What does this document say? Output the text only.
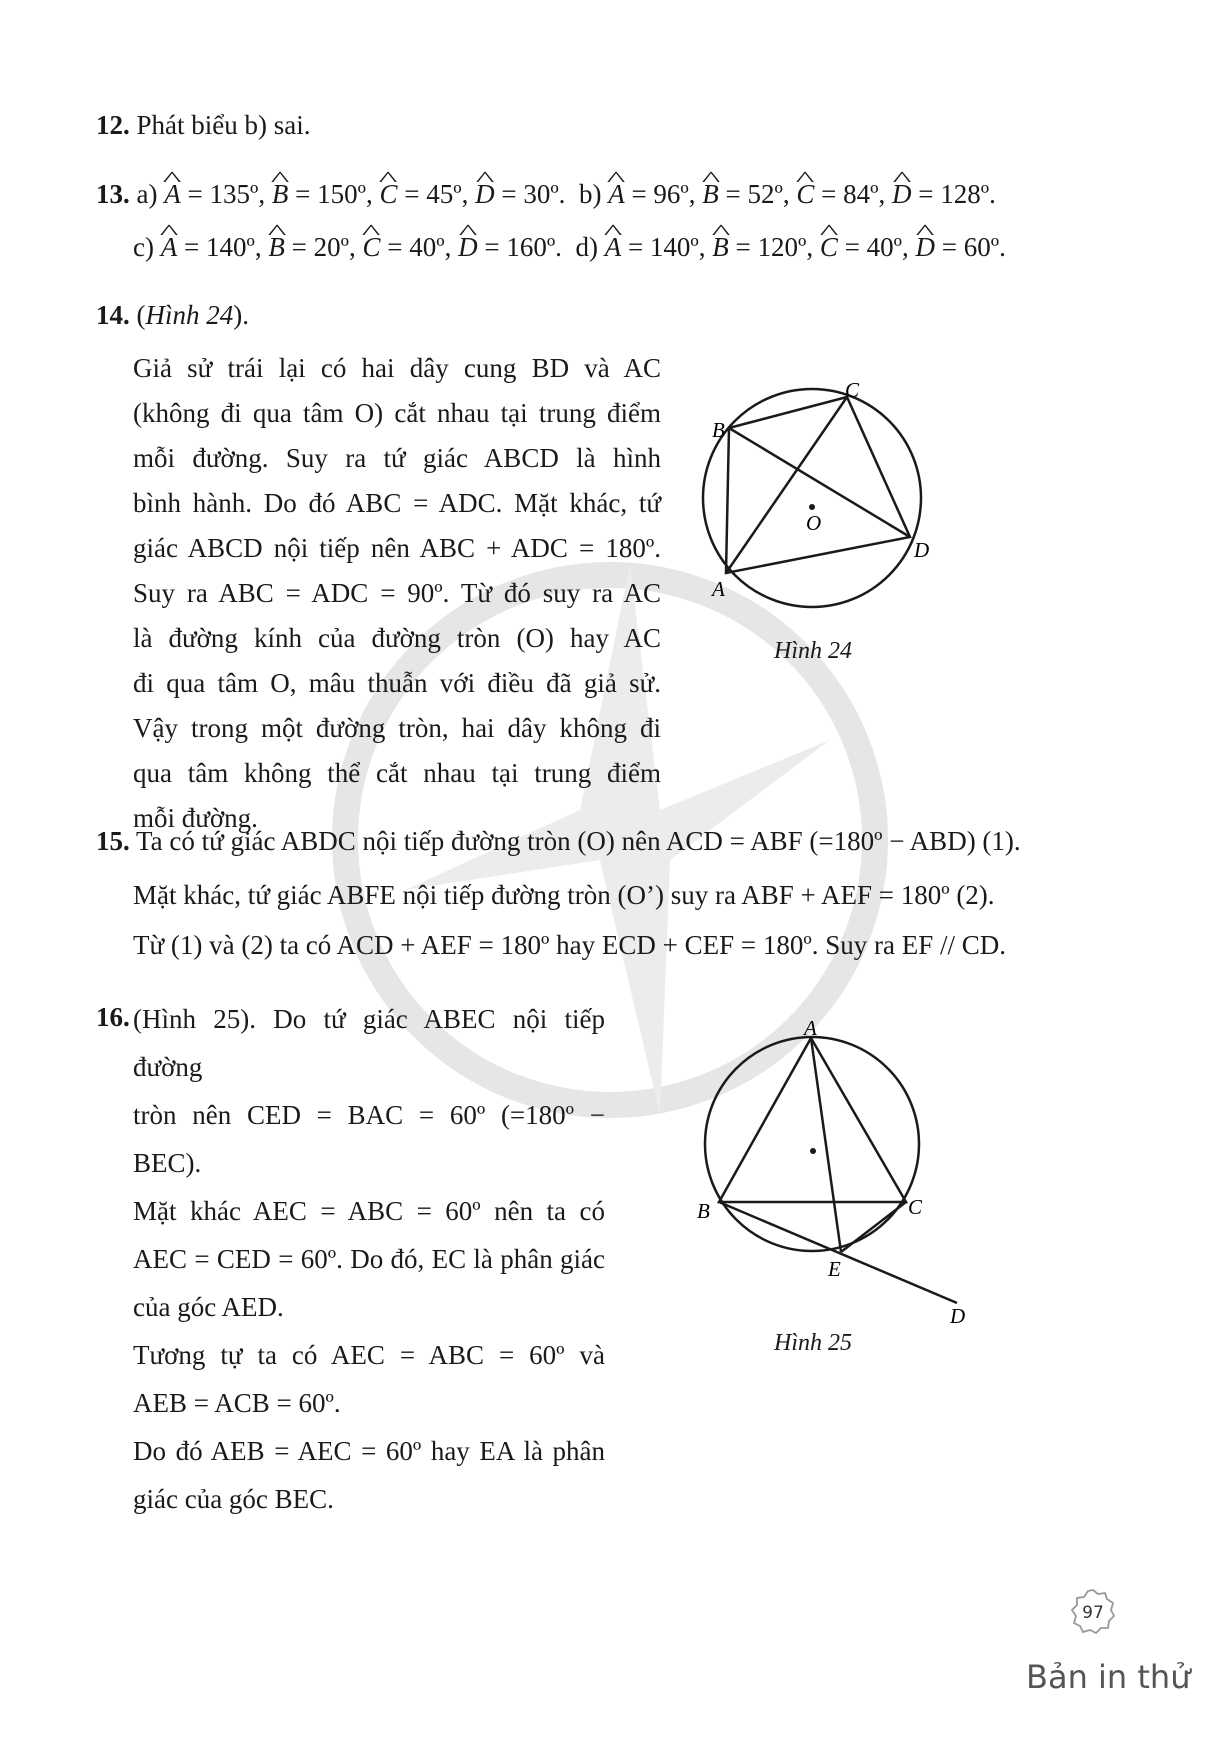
12. Phát biểu b) sai.
13. a) ^ A = 135º, ^ B = 150º, ^ C = 45º, ^ D = 30º.  b) ^ A = 96º, ^ B = 52º, ^ C = 84º, ^ D = 128º.
c) ^ A = 140º, ^ B = 20º, ^ C = 40º, ^ D = 160º.  d) ^ A = 140º, ^ B = 120º, ^ C = 40º, ^ D = 60º.
14. (Hình 24).
Giả sử trái lại có hai dây cung BD và AC
(không đi qua tâm O) cắt nhau tại trung điểm
mỗi đường. Suy ra tứ giác ABCD là hình
bình hành. Do đó ABC = ADC. Mặt khác, tứ
giác ABCD nội tiếp nên ABC + ADC = 180º.
Suy ra ABC = ADC = 90º. Từ đó suy ra AC
là đường kính của đường tròn (O) hay AC
đi qua tâm O, mâu thuẫn với điều đã giả sử.
Vậy trong một đường tròn, hai dây không đi
qua tâm không thể cắt nhau tại trung điểm
mỗi đường.
B
C
D
A
O
Hình 24
15. Ta có tứ giác ABDC nội tiếp đường tròn (O) nên ACD = ABF (=180º − ABD) (1).
Mặt khác, tứ giác ABFE nội tiếp đường tròn (O’) suy ra ABF + AEF = 180º (2).
Từ (1) và (2) ta có ACD + AEF = 180º hay ECD + CEF = 180º. Suy ra EF // CD.
16. (Hình 25). Do tứ giác ABEC nội tiếp đường
tròn nên CED = BAC = 60º (=180º − BEC).
Mặt khác AEC = ABC = 60º nên ta có
AEC = CED = 60º. Do đó, EC là phân giác
của góc AED.
Tương tự ta có AEC = ABC = 60º và
AEB = ACB = 60º.
Do đó AEB = AEC = 60º hay EA là phân
giác của góc BEC.
A
B	C
E
D
Hình 25
97
Bản in thử
